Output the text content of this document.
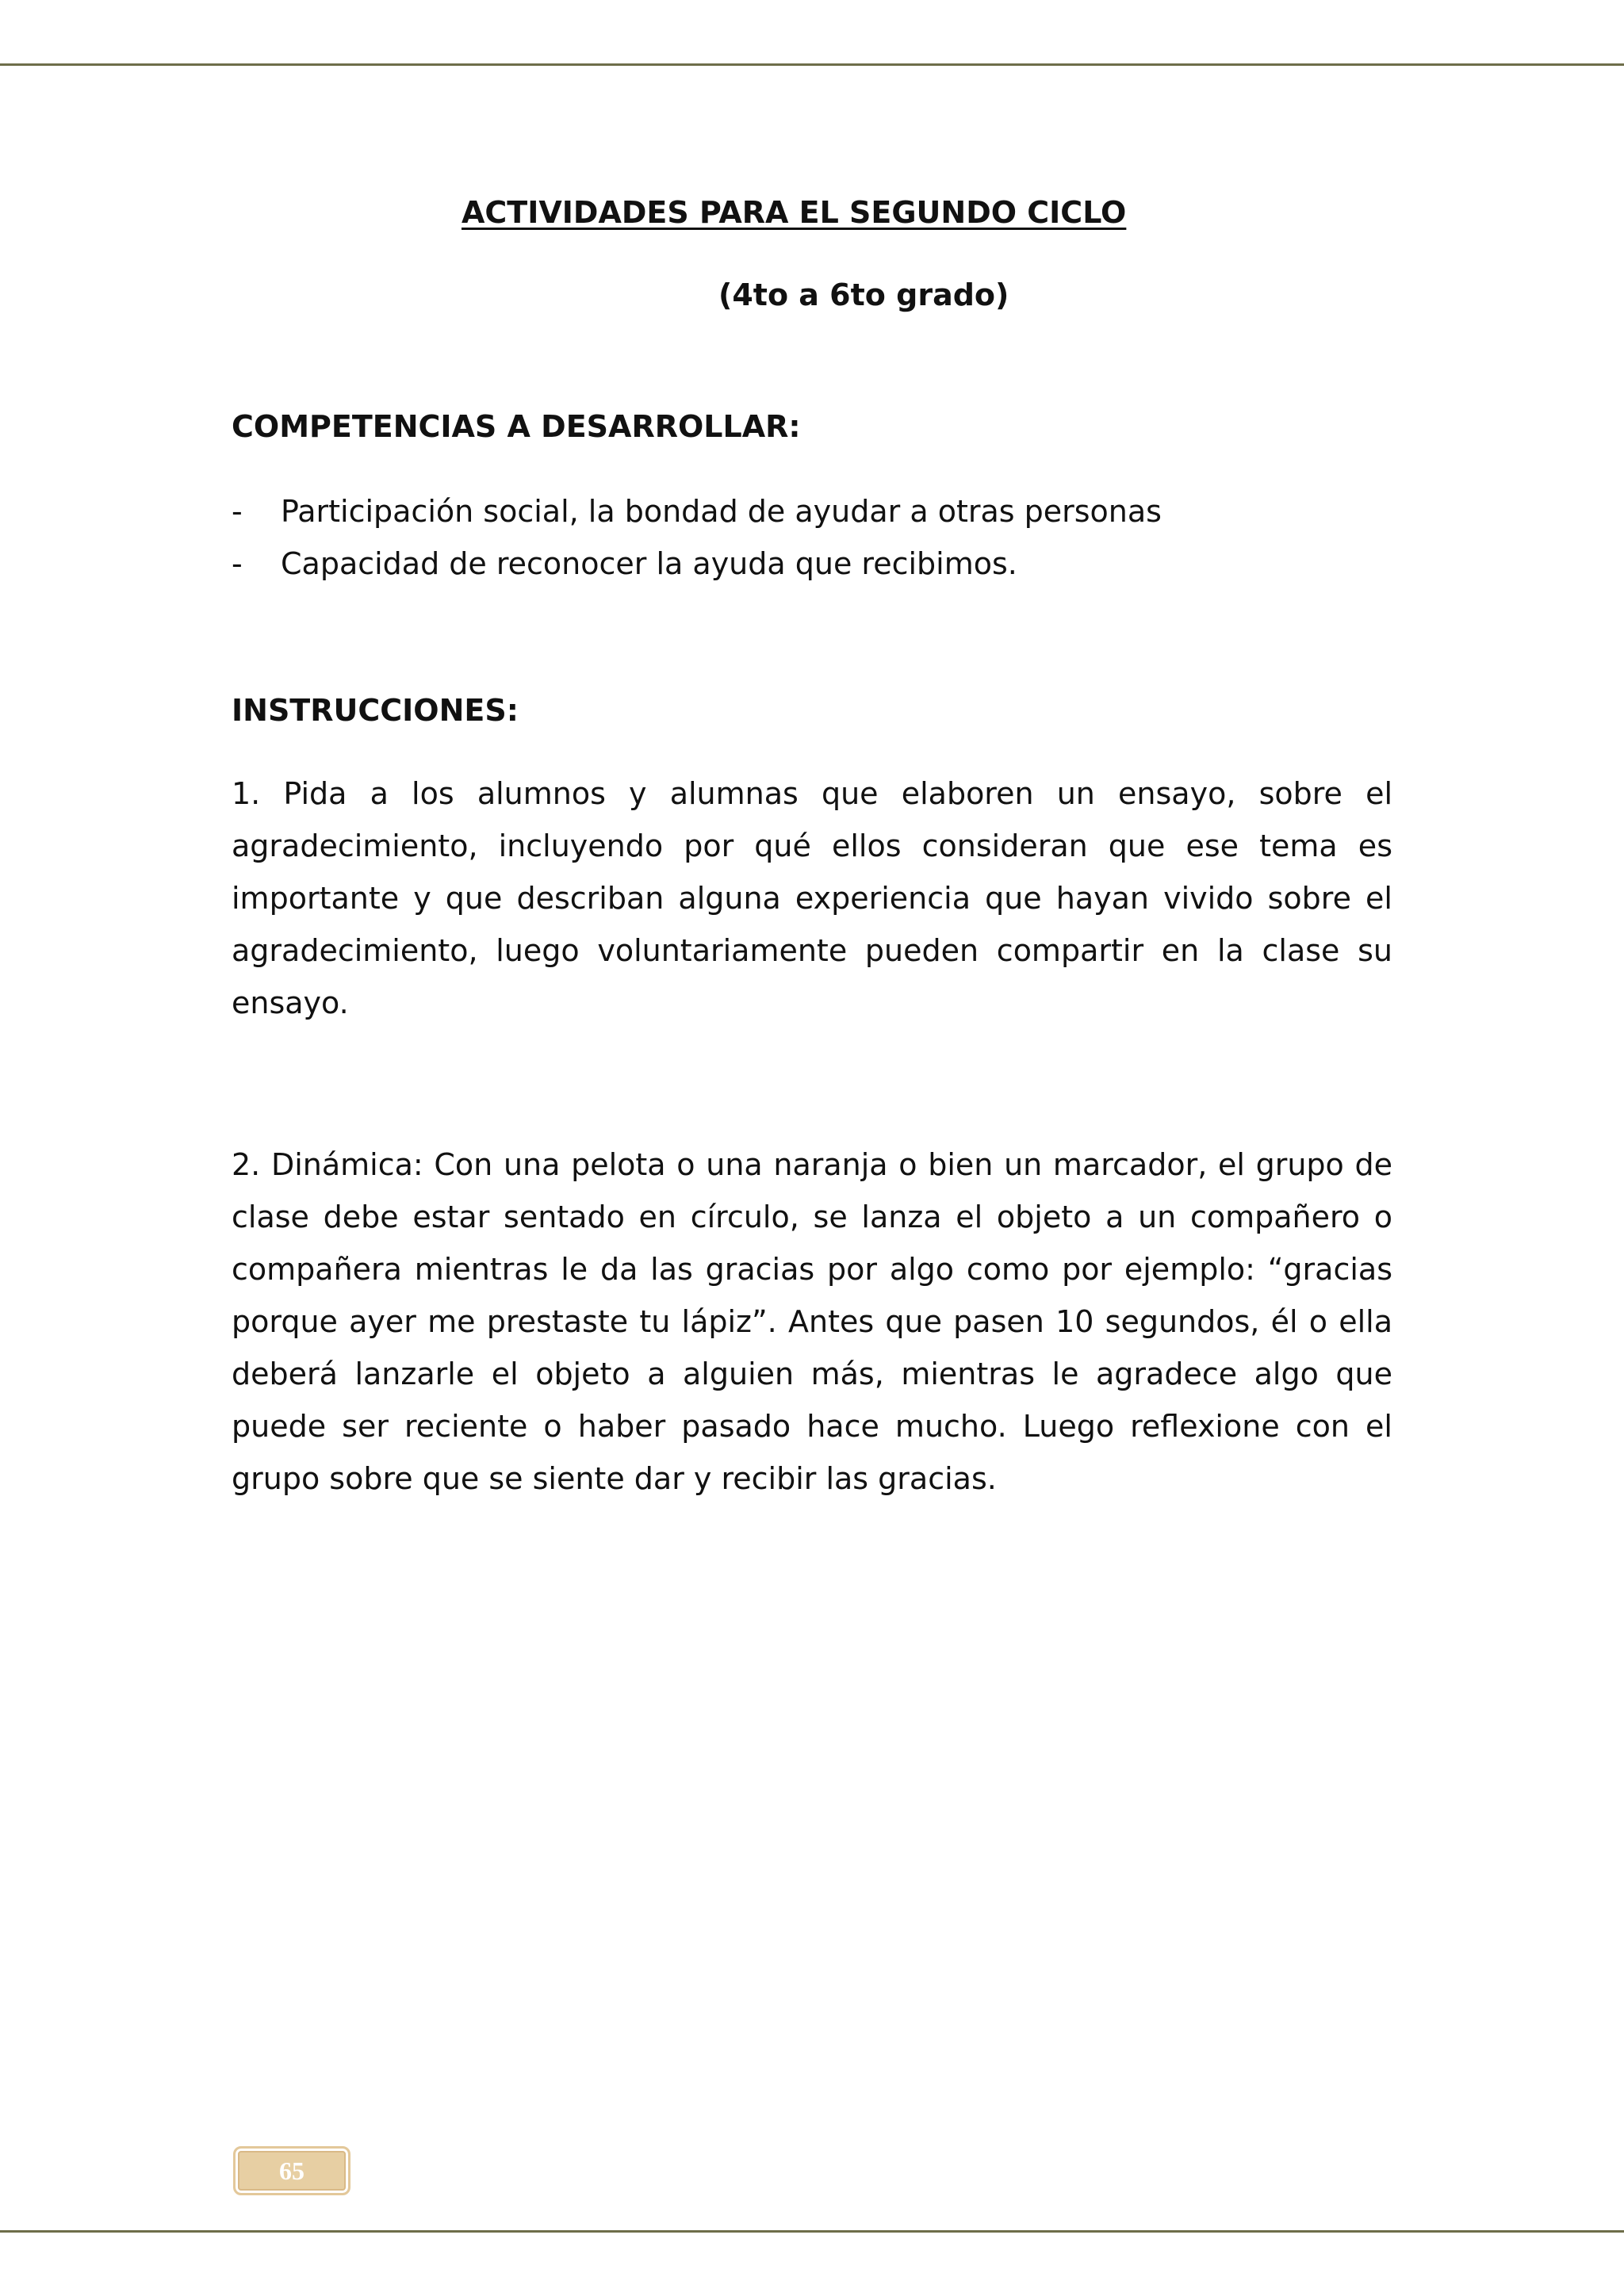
ACTIVIDADES PARA EL SEGUNDO CICLO
(4to a 6to grado)
COMPETENCIAS A DESARROLLAR:
- Participación social, la bondad de ayudar a otras personas
- Capacidad de reconocer la ayuda que recibimos.
INSTRUCCIONES:

1. Pida a los alumnos y alumnas que elaboren un ensayo, sobre el agradecimiento, incluyendo por qué ellos consideran que ese tema es importante y que describan alguna experiencia que hayan vivido sobre el agradecimiento, luego voluntariamente pueden compartir en la clase su ensayo.

2. Dinámica: Con una pelota o una naranja o bien un marcador, el grupo de clase debe estar sentado en círculo, se lanza el objeto a un compañero o compañera mientras le da las gracias por algo como por ejemplo: “gracias porque ayer me prestaste tu lápiz”. Antes que pasen 10 segundos, él o ella deberá lanzarle el objeto a alguien más, mientras le agradece algo que puede ser reciente o haber pasado hace mucho. Luego reflexione con el grupo sobre que se siente dar y recibir las gracias.

65
